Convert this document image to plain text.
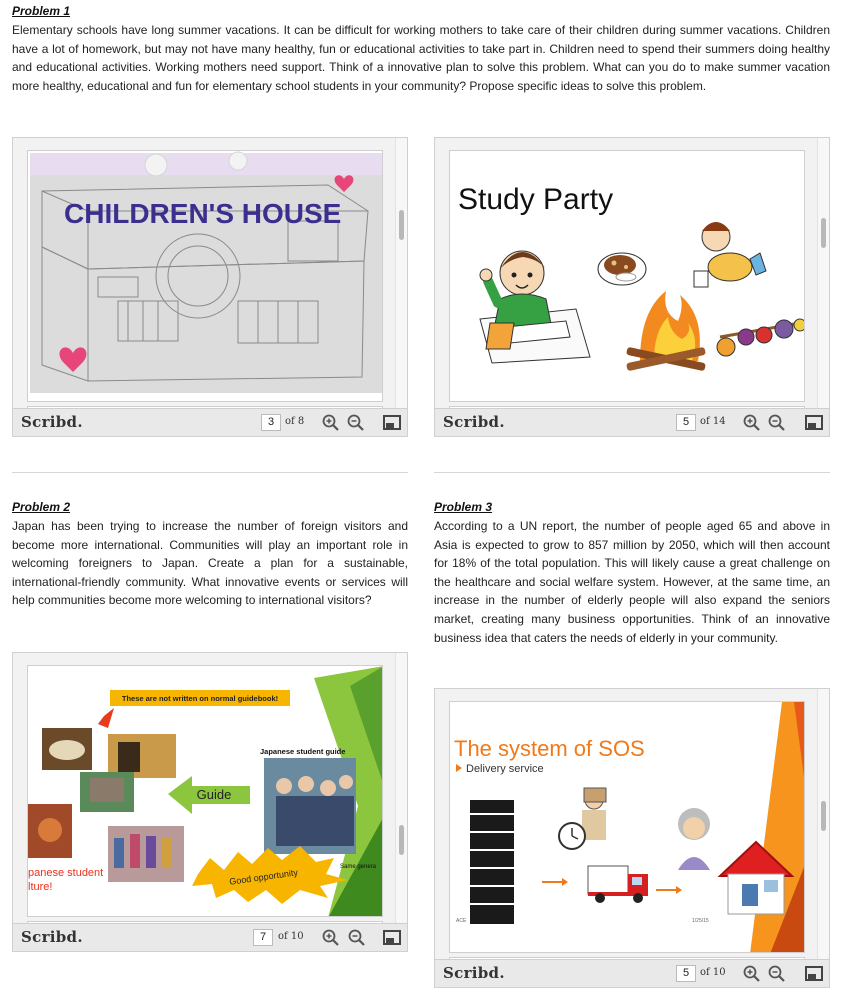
Problem 1
Elementary schools have long summer vacations. It can be difficult for working mothers to take care of their children during summer vacations. Children have a lot of homework, but may not have many healthy, fun or educational activities to take part in. Children need to spend their summers doing healthy and educational activities. Working mothers need support. Think of a innovative plan to solve this problem. What can you do to make summer vacation more healthy, educational and fun for elementary school students in your community? Propose specific ideas to solve this problem.
CHILDREN'S HOUSE
Scribd.	3	of 8
Study Party
Scribd.	5	of 14
Problem 2
Japan has been trying to increase the number of foreign visitors and become more international. Communities will play an important role in welcoming foreigners to Japan. Create a plan for a sustainable, international-friendly community. What innovative events or services will help communities become more welcoming to international visitors?
These are not written on normal guidebook!
Japanese student guide
Guide
Good opportunity
Same genera
panese student
lture!
Scribd.	7	of 10
Problem 3
According to a UN report, the number of people aged 65 and above in Asia is expected to grow to 857 million by 2050, which will then account for 18% of the total population. This will likely cause a great challenge on the healthcare and social welfare system. However, at the same time, an increase in the number of elderly people will also expand the seniors market, creating many business opportunities. Think of an innovative business idea that caters the needs of elderly in your community.
The system of SOS
Delivery service
ACE	1/25/15
Scribd.	5	of 10
